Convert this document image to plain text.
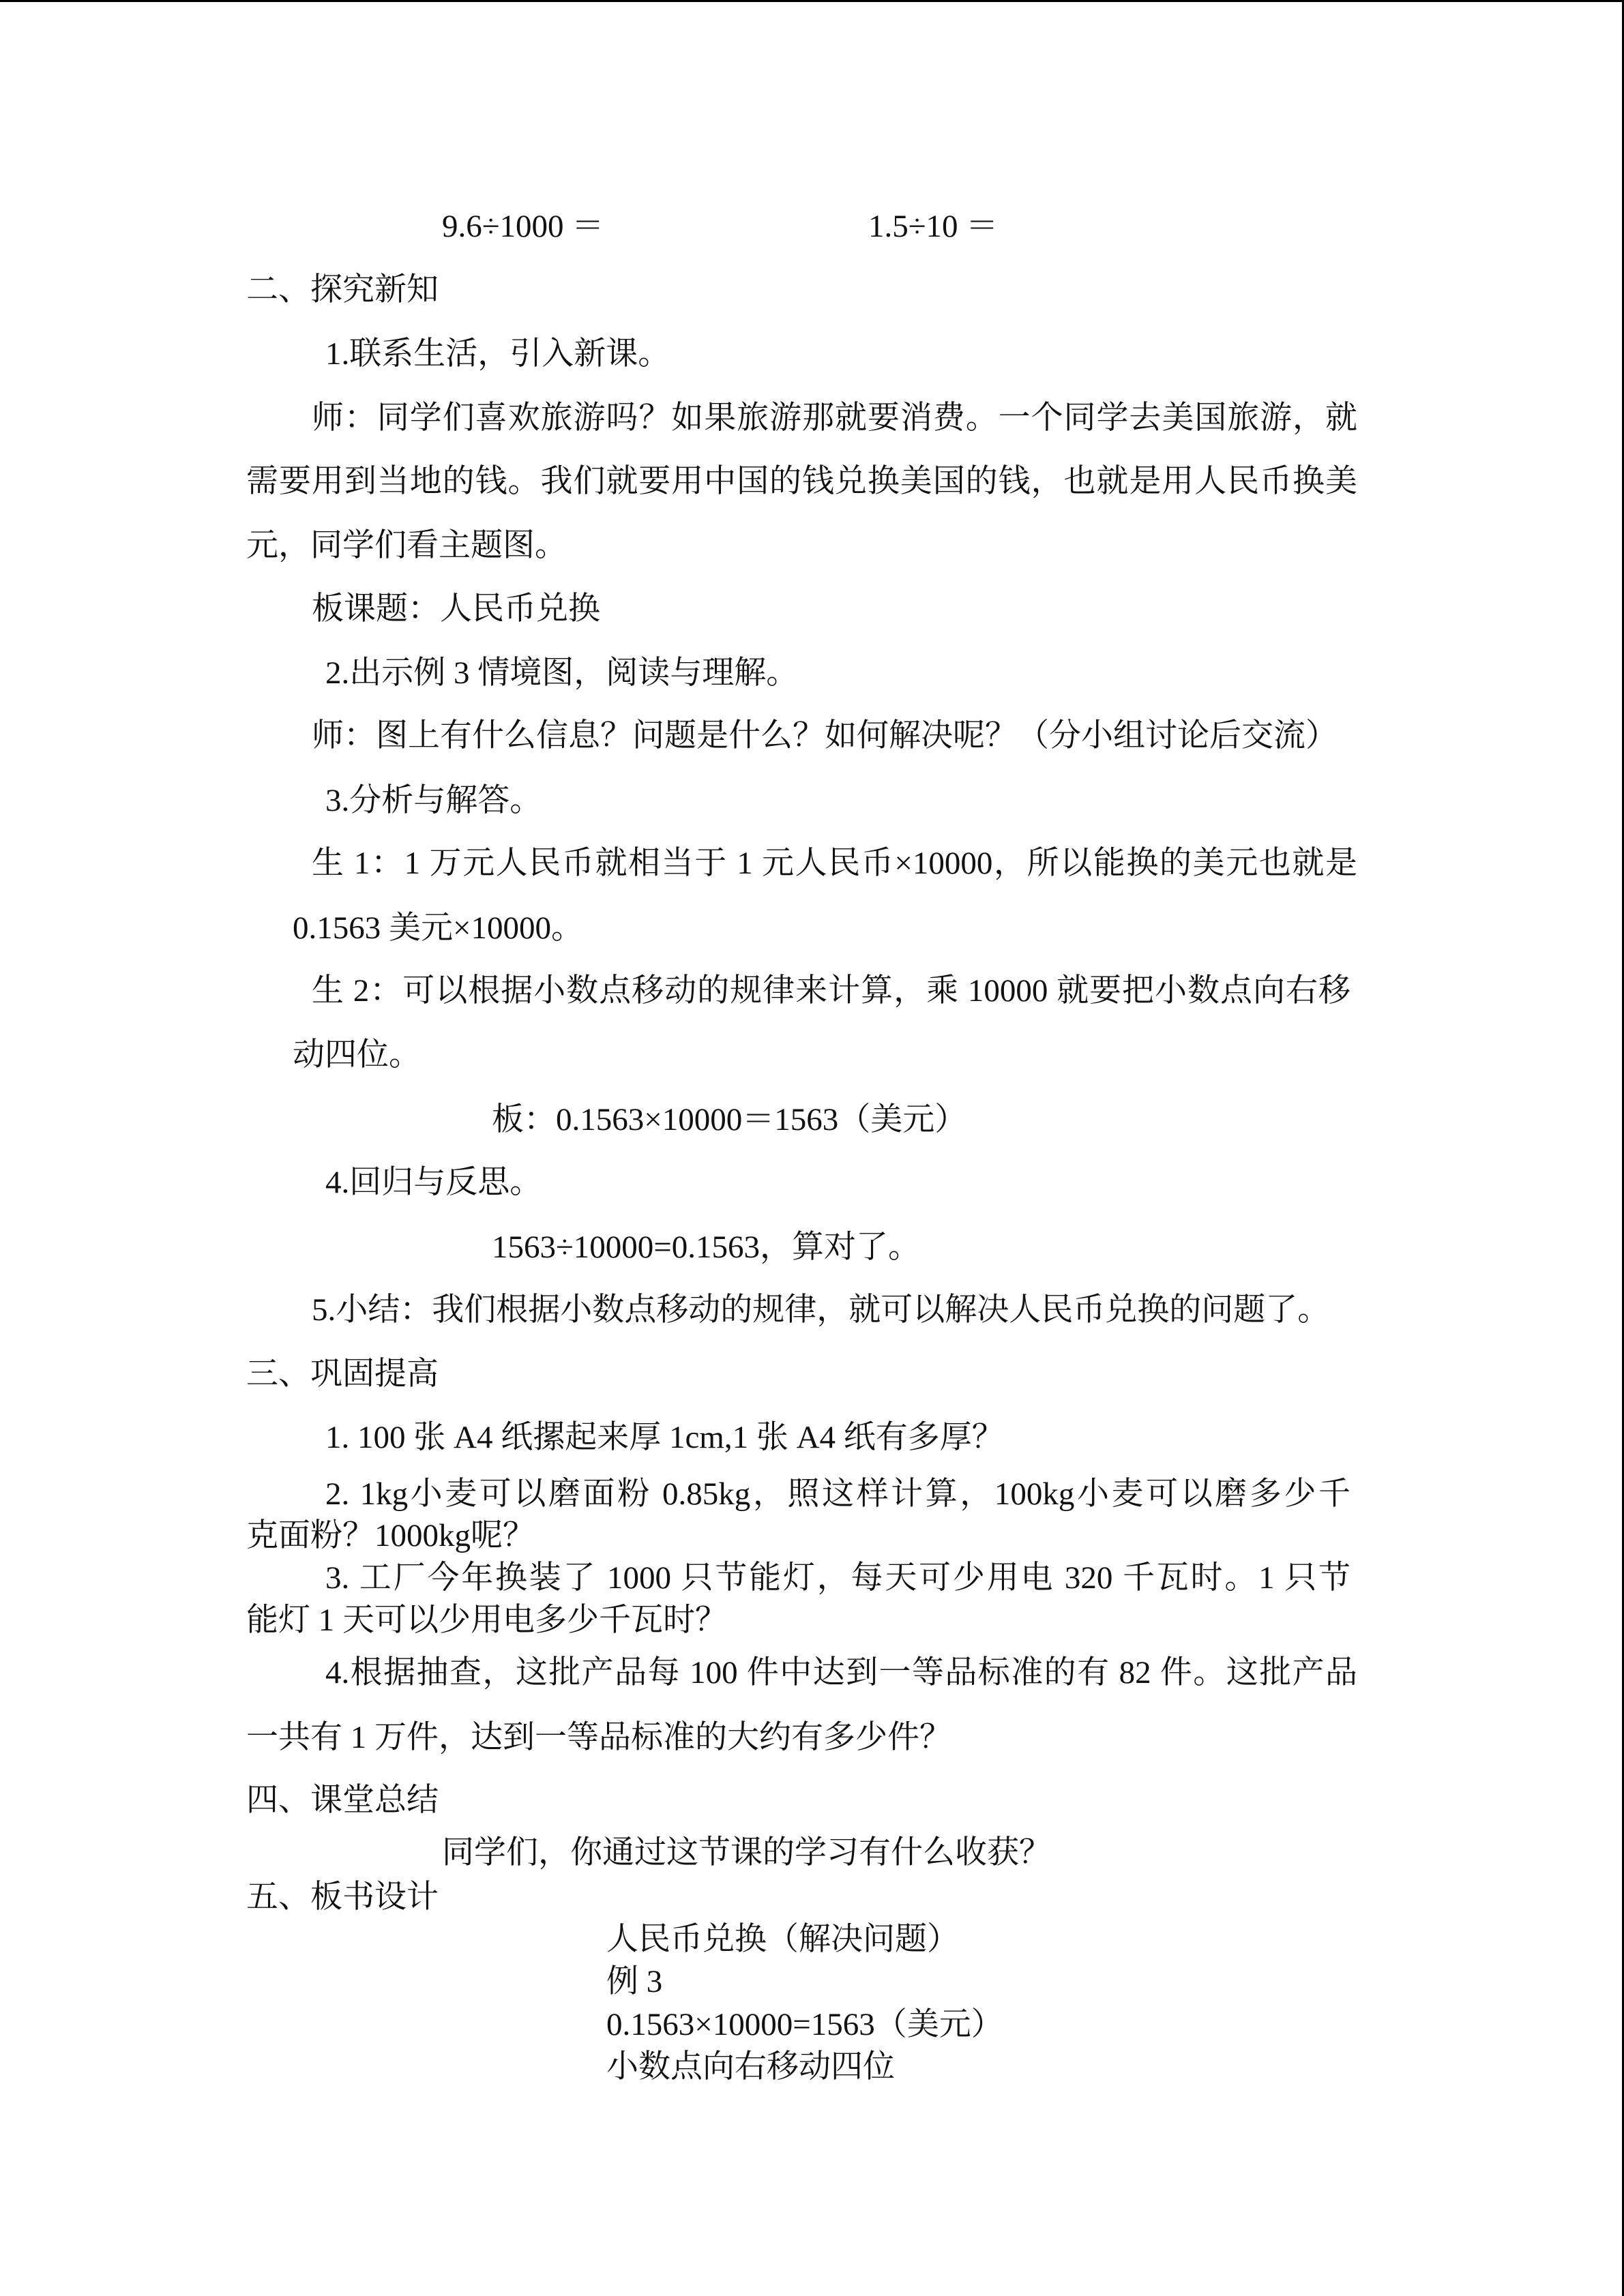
9.6÷1000 ＝	1.5÷10 ＝
二、探究新知
1.联系生活，引入新课。
师：同学们喜欢旅游吗？如果旅游那就要消费。一个同学去美国旅游，就
需要用到当地的钱。我们就要用中国的钱兑换美国的钱，也就是用人民币换美
元，同学们看主题图。
板课题：人民币兑换
2.出示例 3 情境图，阅读与理解。
师：图上有什么信息？问题是什么？如何解决呢？（分小组讨论后交流）
3.分析与解答。
生 1：1 万元人民币就相当于 1 元人民币×10000，所以能换的美元也就是
0.1563 美元×10000。
生 2：可以根据小数点移动的规律来计算，乘 10000 就要把小数点向右移
动四位。
板：0.1563×10000＝1563（美元）
4.回归与反思。
1563÷10000=0.1563，算对了。
5.小结：我们根据小数点移动的规律，就可以解决人民币兑换的问题了。
三、巩固提高
1. 100 张 A4 纸摞起来厚 1cm,1 张 A4 纸有多厚？
2. 1kg小麦可以磨面粉 0.85kg，照这样计算，100kg小麦可以磨多少千
克面粉？1000kg呢？
3. 工厂今年换装了 1000 只节能灯，每天可少用电 320 千瓦时。1 只节
能灯 1 天可以少用电多少千瓦时？
4.根据抽查，这批产品每 100 件中达到一等品标准的有 82 件。这批产品
一共有 1 万件，达到一等品标准的大约有多少件？
四、课堂总结
同学们，你通过这节课的学习有什么收获？
五、板书设计
人民币兑换（解决问题）
例 3
0.1563×10000=1563（美元）
小数点向右移动四位
